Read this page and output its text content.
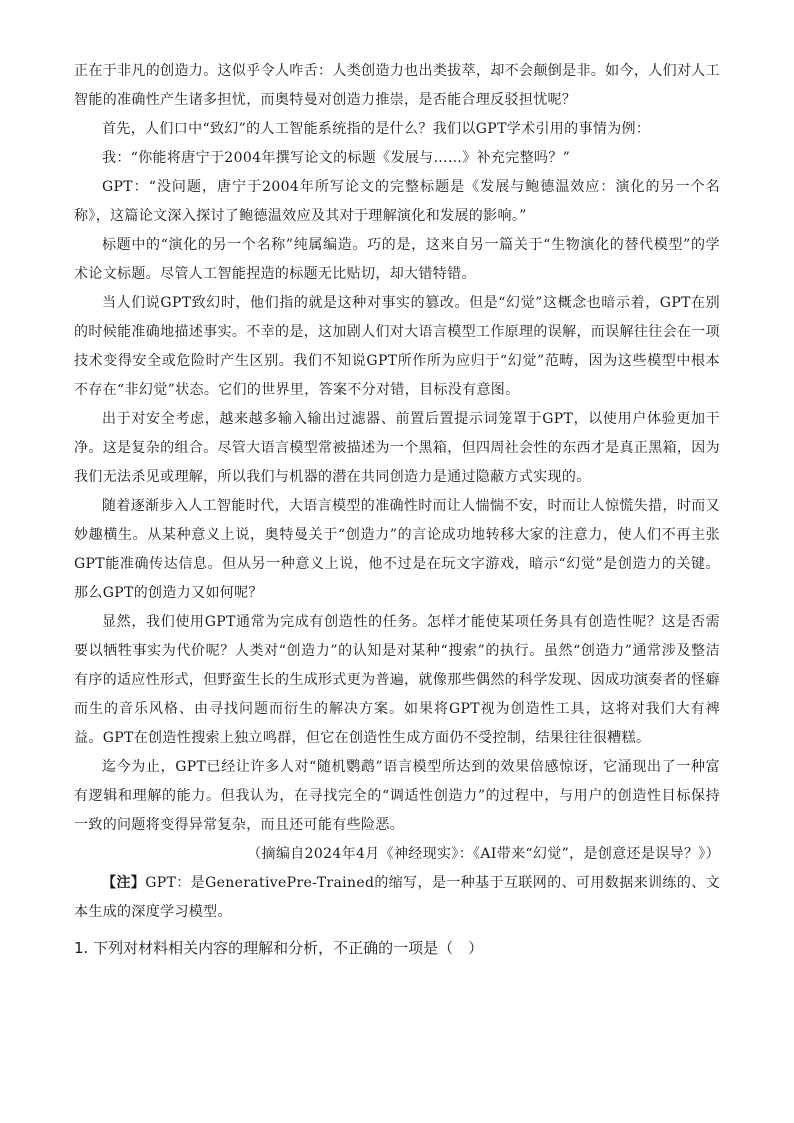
正在于非凡的创造力。这似乎令人咋舌：人类创造力也出类拔萃，却不会颠倒是非。如今，人们对人工智能的准确性产生诸多担忧，而奥特曼对创造力推崇，是否能合理反驳担忧呢？

首先，人们口中“致幻”的人工智能系统指的是什么？我们以GPT学术引用的事情为例：

我：“你能将唐宁于2004年撰写论文的标题《发展与……》补充完整吗？”

GPT：“没问题，唐宁于2004年所写论文的完整标题是《发展与鲍德温效应：演化的另一个名称》，这篇论文深入探讨了鲍德温效应及其对于理解演化和发展的影响。”

标题中的“演化的另一个名称”纯属编造。巧的是，这来自另一篇关于“生物演化的替代模型”的学术论文标题。尽管人工智能捏造的标题无比贴切，却大错特错。

当人们说GPT致幻时，他们指的就是这种对事实的篡改。但是“幻觉”这概念也暗示着，GPT在别的时候能准确地描述事实。不幸的是，这加剧人们对大语言模型工作原理的误解，而误解往往会在一项技术变得安全或危险时产生区别。我们不知说GPT所作所为应归于“幻觉”范畴，因为这些模型中根本不存在“非幻觉”状态。它们的世界里，答案不分对错，目标没有意图。

出于对安全考虑，越来越多输入输出过滤器、前置后置提示词笼罩于GPT，以使用户体验更加干净。这是复杂的组合。尽管大语言模型常被描述为一个黑箱，但四周社会性的东西才是真正黑箱，因为我们无法杀见或理解，所以我们与机器的潜在共同创造力是通过隐蔽方式实现的。

随着逐渐步入人工智能时代，大语言模型的准确性时而让人惴惴不安，时而让人惊慌失措，时而又妙趣横生。从某种意义上说，奥特曼关于“创造力”的言论成功地转移大家的注意力，使人们不再主张GPT能准确传达信息。但从另一种意义上说，他不过是在玩文字游戏，暗示“幻觉”是创造力的关键。那么GPT的创造力又如何呢？

显然，我们使用GPT通常为完成有创造性的任务。怎样才能使某项任务具有创造性呢？这是否需要以牺牲事实为代价呢？人类对“创造力”的认知是对某种“搜索”的执行。虽然“创造力”通常涉及整洁有序的适应性形式，但野蛮生长的生成形式更为普遍，就像那些偶然的科学发现、因成功演奏者的怪癖而生的音乐风格、由寻找问题而衍生的解决方案。如果将GPT视为创造性工具，这将对我们大有裨益。GPT在创造性搜索上独立鸣群，但它在创造性生成方面仍不受控制，结果往往很糟糕。

迄今为止，GPT已经让许多人对“随机鹦鹉”语言模型所达到的效果倍感惊讶，它涌现出了一种富有逻辑和理解的能力。但我认为，在寻找完全的“调适性创造力”的过程中，与用户的创造性目标保持一致的问题将变得异常复杂，而且还可能有些险恶。

（摘编自2024年4月《神经现实》：《AI带来“幻觉”，是创意还是误导？》）

【注】GPT：是GenerativePre-Trained的缩写，是一种基于互联网的、可用数据来训练的、文本生成的深度学习模型。

1. 下列对材料相关内容的理解和分析，不正确的一项是（　）
